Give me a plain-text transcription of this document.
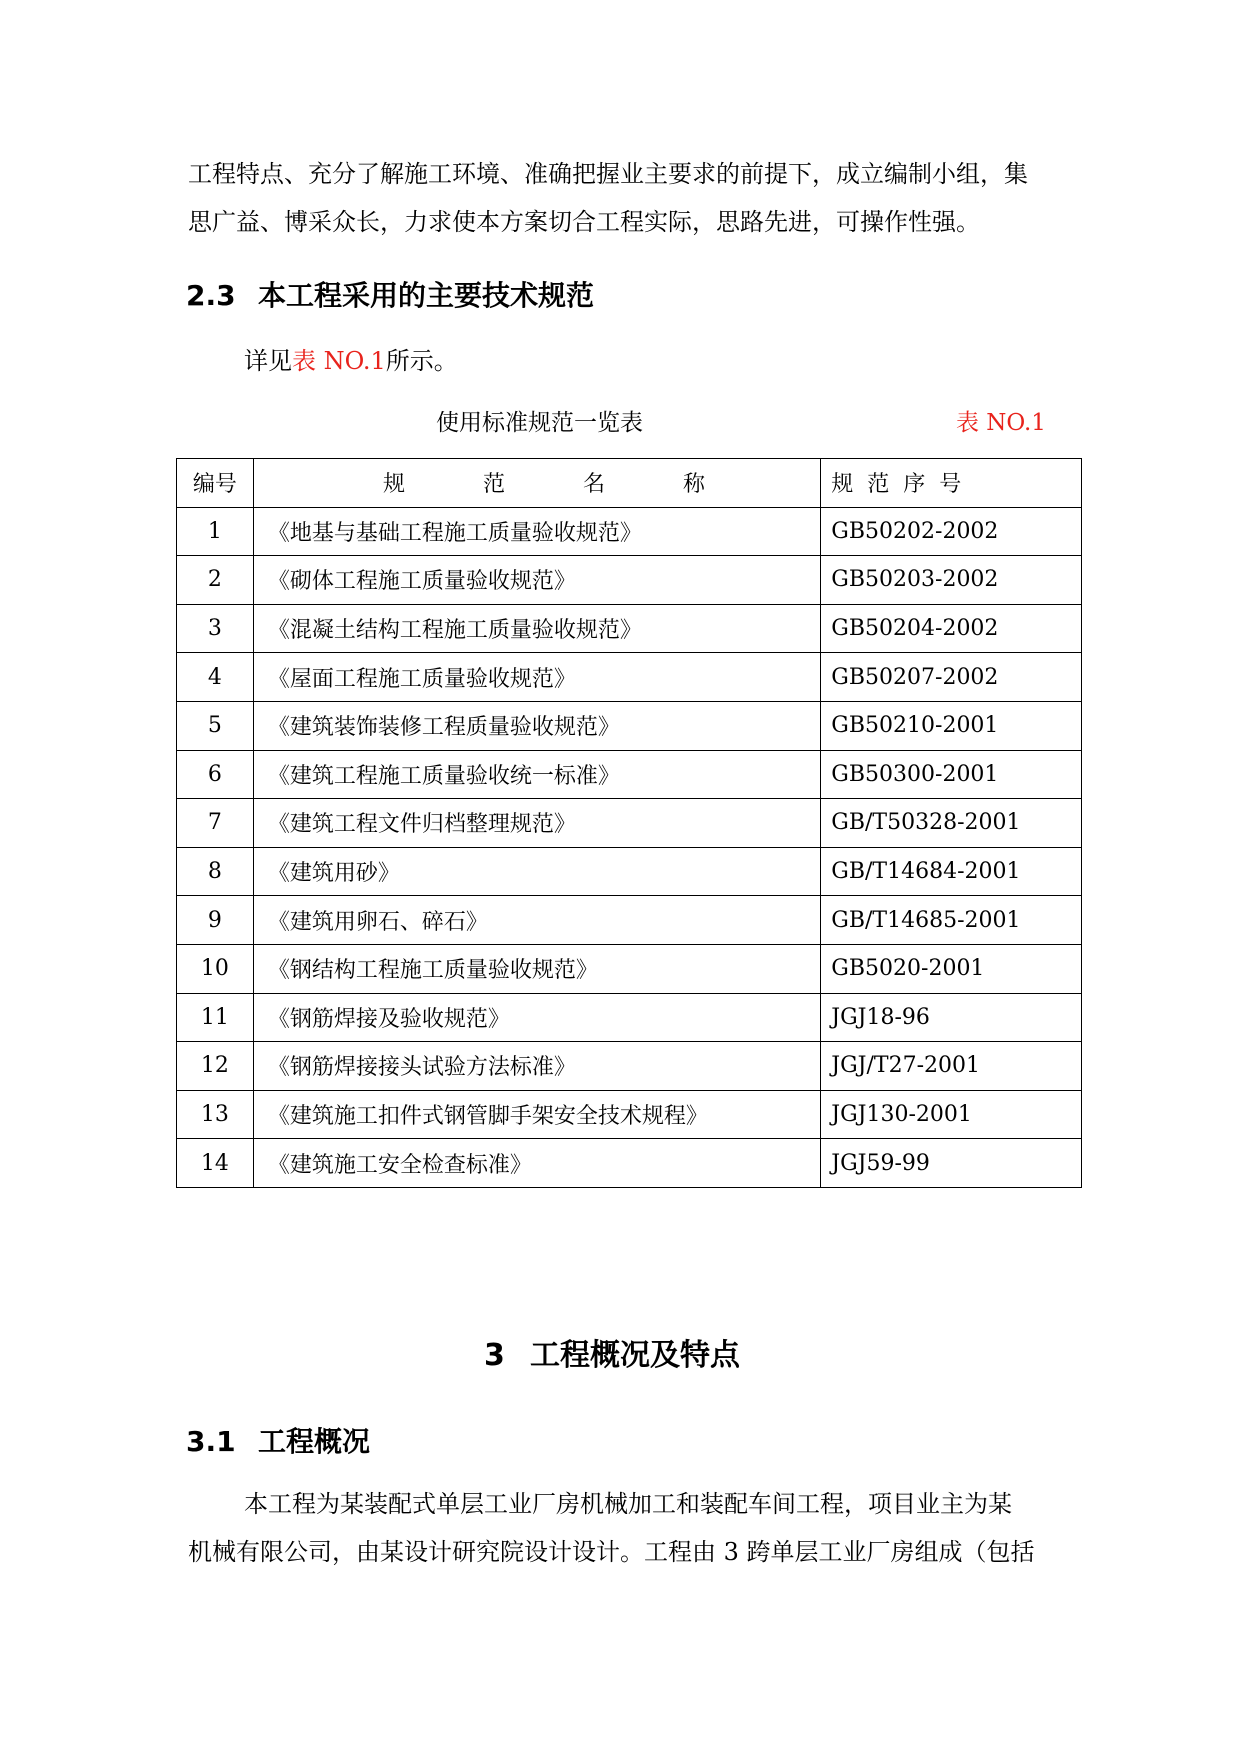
工程特点、充分了解施工环境、准确把握业主要求的前提下，成立编制小组，集
思广益、博采众长，力求使本方案切合工程实际，思路先进，可操作性强。

2.3 本工程采用的主要技术规范

详见表 NO.1所示。

使用标准规范一览表	表 NO.1
编号	规 范 名 称	规 范 序 号
1	《地基与基础工程施工质量验收规范》	GB50202-2002
2	《砌体工程施工质量验收规范》	GB50203-2002
3	《混凝土结构工程施工质量验收规范》	GB50204-2002
4	《屋面工程施工质量验收规范》	GB50207-2002
5	《建筑装饰装修工程质量验收规范》	GB50210-2001
6	《建筑工程施工质量验收统一标准》	GB50300-2001
7	《建筑工程文件归档整理规范》	GB/T50328-2001
8	《建筑用砂》	GB/T14684-2001
9	《建筑用卵石、碎石》	GB/T14685-2001
10	《钢结构工程施工质量验收规范》	GB5020-2001
11	《钢筋焊接及验收规范》	JGJ18-96
12	《钢筋焊接接头试验方法标准》	JGJ/T27-2001
13	《建筑施工扣件式钢管脚手架安全技术规程》	JGJ130-2001
14	《建筑施工安全检查标准》	JGJ59-99
3 工程概况及特点
3.1 工程概况

本工程为某装配式单层工业厂房机械加工和装配车间工程，项目业主为某
机械有限公司，由某设计研究院设计设计。工程由 3 跨单层工业厂房组成（包括
